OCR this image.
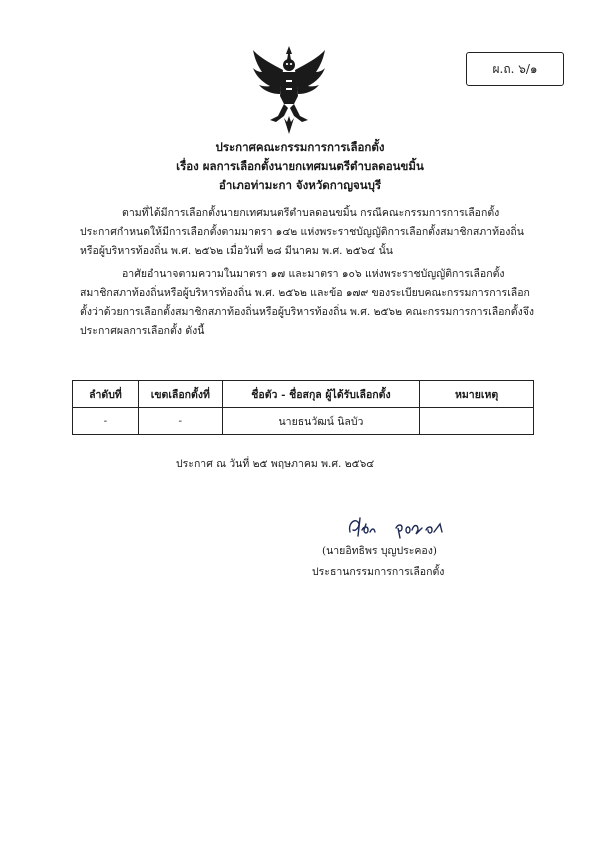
ผ.ถ. ๖/๑
ประกาศคณะกรรมการการเลือกตั้ง
เรื่อง ผลการเลือกตั้งนายกเทศมนตรีตำบลดอนขมิ้น
อำเภอท่ามะกา จังหวัดกาญจนบุรี
ตามที่ได้มีการเลือกตั้งนายกเทศมนตรีตำบลดอนขมิ้น กรณีคณะกรรมการการเลือกตั้งประกาศกำหนดให้มีการเลือกตั้งตามมาตรา ๑๔๒ แห่งพระราชบัญญัติการเลือกตั้งสมาชิกสภาท้องถิ่นหรือผู้บริหารท้องถิ่น พ.ศ. ๒๕๖๒ เมื่อวันที่ ๒๘ มีนาคม พ.ศ. ๒๕๖๔ นั้น
อาศัยอำนาจตามความในมาตรา ๑๗ และมาตรา ๑๐๖ แห่งพระราชบัญญัติการเลือกตั้งสมาชิกสภาท้องถิ่นหรือผู้บริหารท้องถิ่น พ.ศ. ๒๕๖๒ และข้อ ๑๗๙ ของระเบียบคณะกรรมการการเลือกตั้งว่าด้วยการเลือกตั้งสมาชิกสภาท้องถิ่นหรือผู้บริหารท้องถิ่น พ.ศ. ๒๕๖๒ คณะกรรมการการเลือกตั้งจึงประกาศผลการเลือกตั้ง ดังนี้
ลำดับที่	เขตเลือกตั้งที่	ชื่อตัว - ชื่อสกุล ผู้ได้รับเลือกตั้ง	หมายเหตุ
-	-	นายธนวัฒน์ นิลบัว	
ประกาศ ณ วันที่ ๒๕ พฤษภาคม พ.ศ. ๒๕๖๔
(นายอิทธิพร บุญประคอง)
ประธานกรรมการการเลือกตั้ง
